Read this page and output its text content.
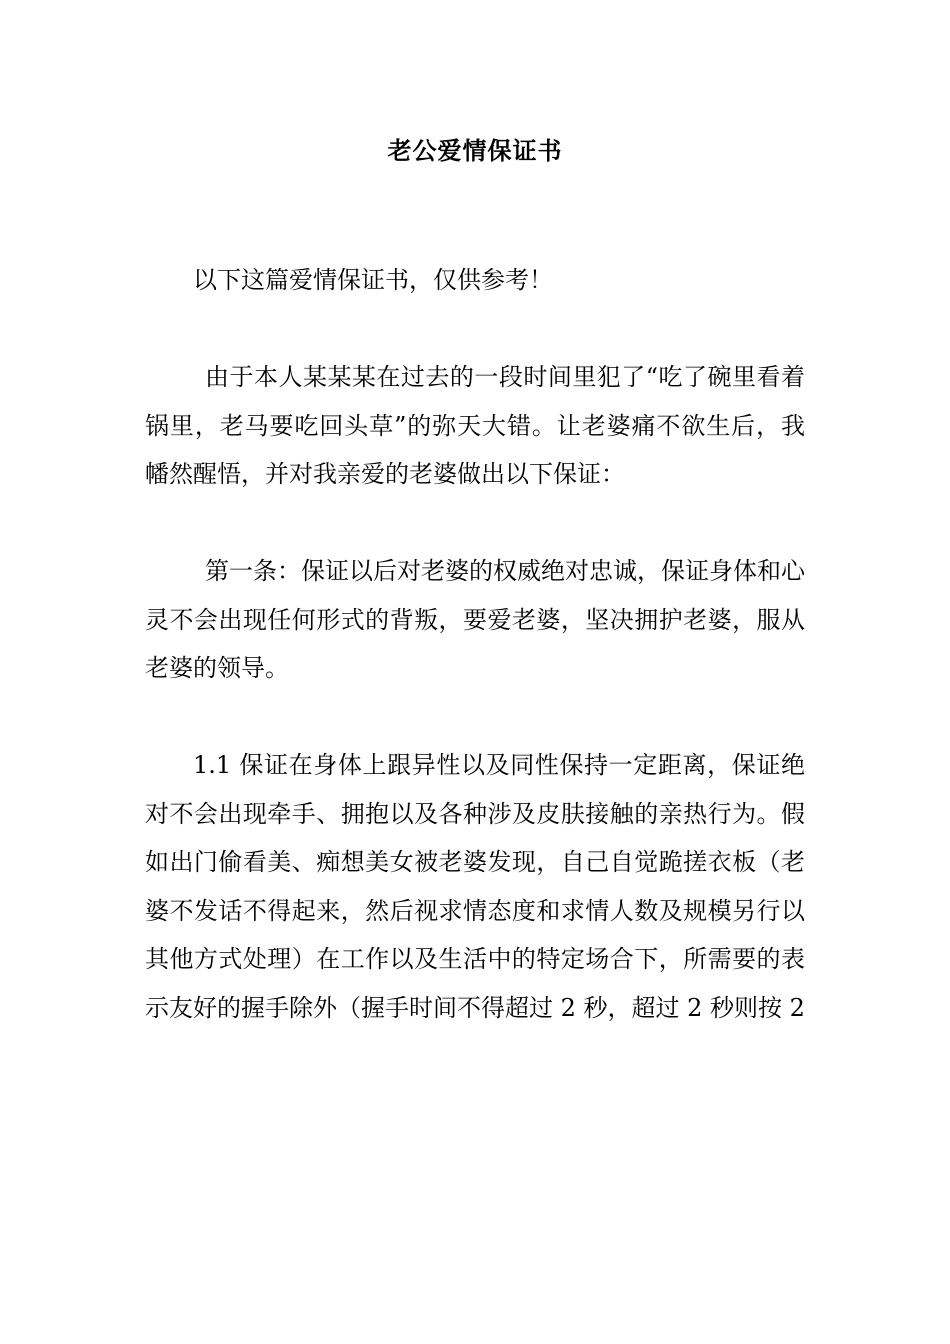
老公爱情保证书

以下这篇爱情保证书，仅供参考！

由于本人某某某在过去的一段时间里犯了“吃了碗里看着锅里，老马要吃回头草”的弥天大错。让老婆痛不欲生后，我幡然醒悟，并对我亲爱的老婆做出以下保证：

第一条：保证以后对老婆的权威绝对忠诚，保证身体和心灵不会出现任何形式的背叛，要爱老婆，坚决拥护老婆，服从老婆的领导。

1.1 保证在身体上跟异性以及同性保持一定距离，保证绝对不会出现牵手、拥抱以及各种涉及皮肤接触的亲热行为。假如出门偷看美、痴想美女被老婆发现，自己自觉跪搓衣板（老婆不发话不得起来，然后视求情态度和求情人数及规模另行以其他方式处理）在工作以及生活中的特定场合下，所需要的表示友好的握手除外（握手时间不得超过 2 秒，超过 2 秒则按 2
